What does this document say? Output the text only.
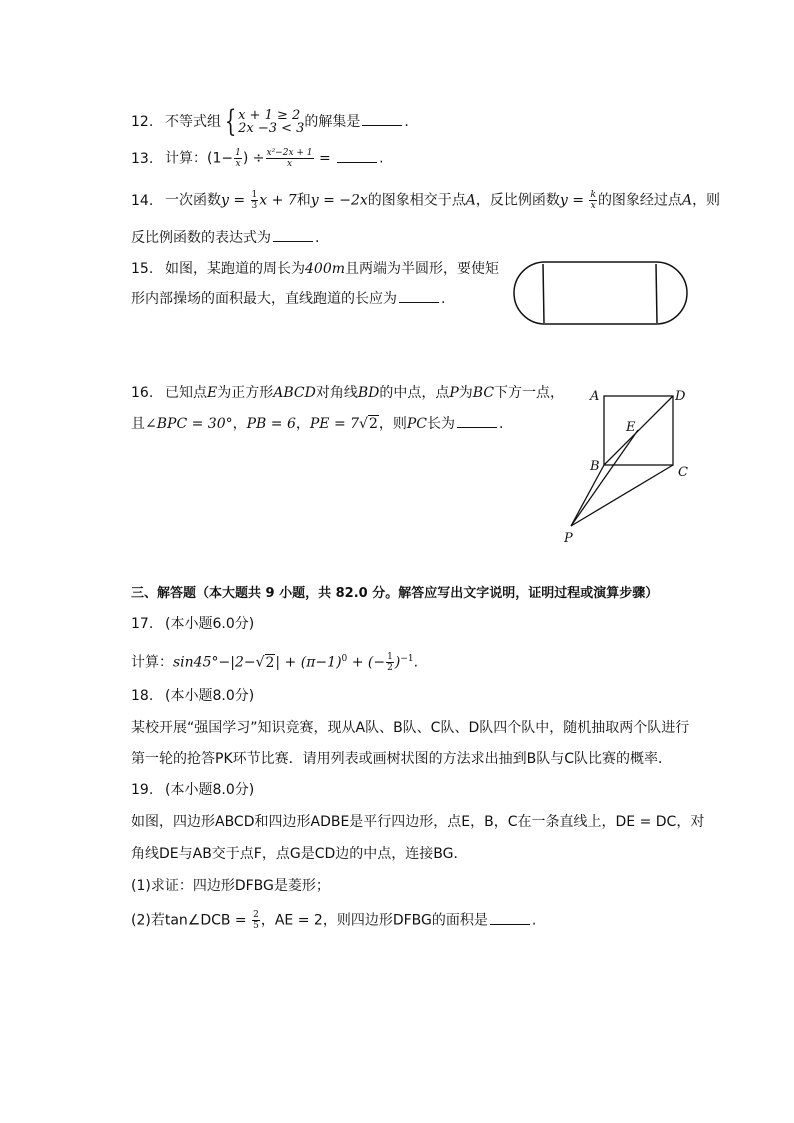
12. 不等式组 { x + 1 ≥ 2
2x −3 < 3 的解集是	.
13. 计算：($1- \frac{1}{x}$ ) ÷ $\frac{\text{x²−2x + 1}}{x}$ =	.
14. 一次函数$y = \frac{1}{3}$ x + 7和y = −2x的图象相交于点A，反比例函数$y = \frac{k}{x}$ 的图象经过点A，则
反比例函数的表达式为	.
15. 如图，某跑道的周长为400m且两端为半圆形，要使矩
形内部操场的面积最大，直线跑道的长应为	.
16. 已知点E为正方形ABCD对角线BD的中点，点P为BC下方一点，
且∠BPC = 30°，PB = 6，PE = 7√2，则PC长为	.
A	D
E
B	C
P
三、解答题（本大题共 9 小题，共 82.0 分。解答应写出文字说明，证明过程或演算步骤）
17. (本小题6.0分)
计算：$\sin 45^\circ-|2-√2| + (\pi-1)^0$ + (− $\frac{1}{2} )^{-1}$.
18. (本小题8.0分)
某校开展“强国学习”知识竞赛，现从A队、B队、C队、D队四个队中，随机抽取两个队进行
第一轮的抢答PK环节比赛．请用列表或画树状图的方法求出抽到B队与C队比赛的概率．
19. (本小题8.0分)
如图，四边形ABCD和四边形ADBE是平行四边形，点E，B，C在一条直线上，DE = DC，对
角线DE与AB交于点F，点G是CD边的中点，连接BG．
(1)求证：四边形DFBG是菱形；
(2)若tan∠DCB = $\frac{2}{5}$ ，AE = 2，则四边形DFBG的面积是	.
